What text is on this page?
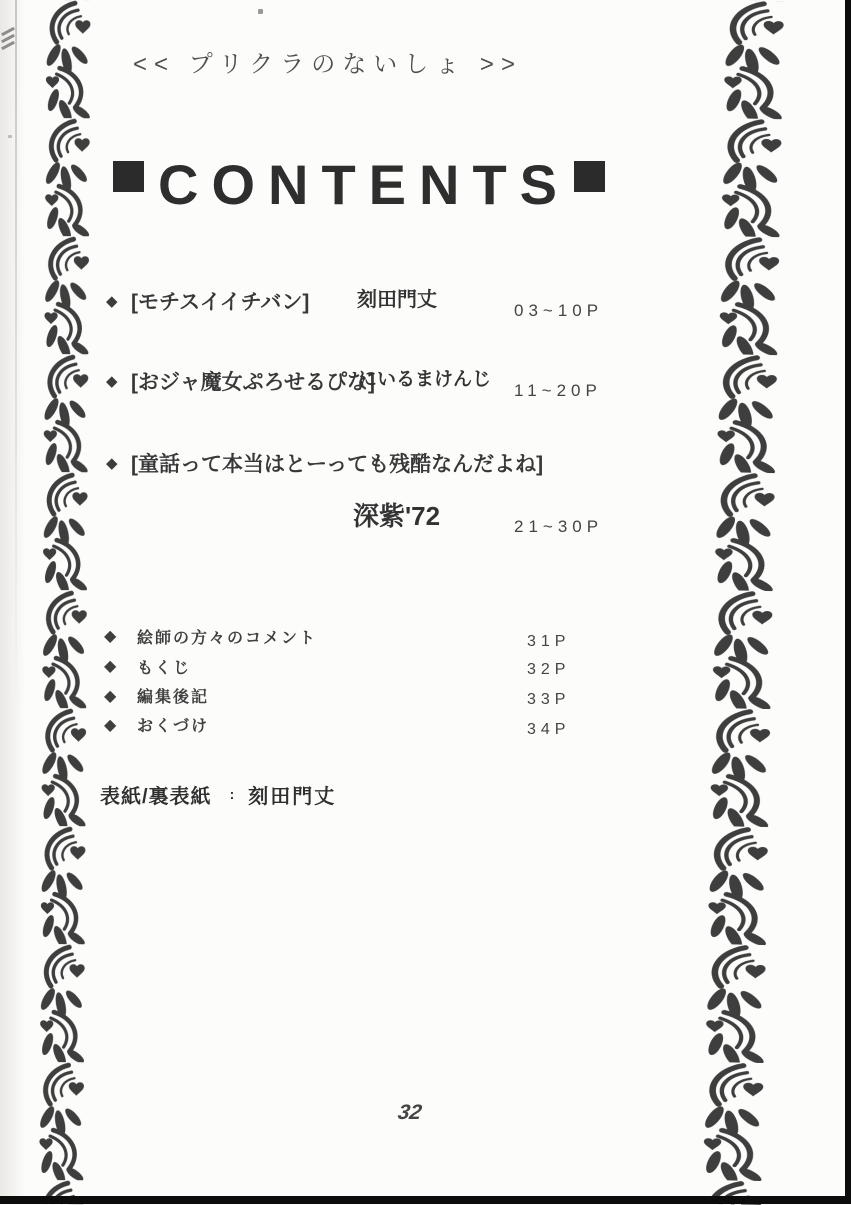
<< プリクラのないしょ >>
CONTENTS
◆ [モチスイイチバン] 刻田門丈	03~10P
◆ [おジャ魔女ぷろせるぴな]
にいるまけんじ
11~20P
◆ [童話って本当はとーっても残酷なんだよね]
深紫'72	21~30P
◆ 絵師の方々のコメント	31P
◆ もくじ	32P
◆ 編集後記	33P
◆ おくづけ	34P
表紙/裏表紙 : 刻田門丈
32
